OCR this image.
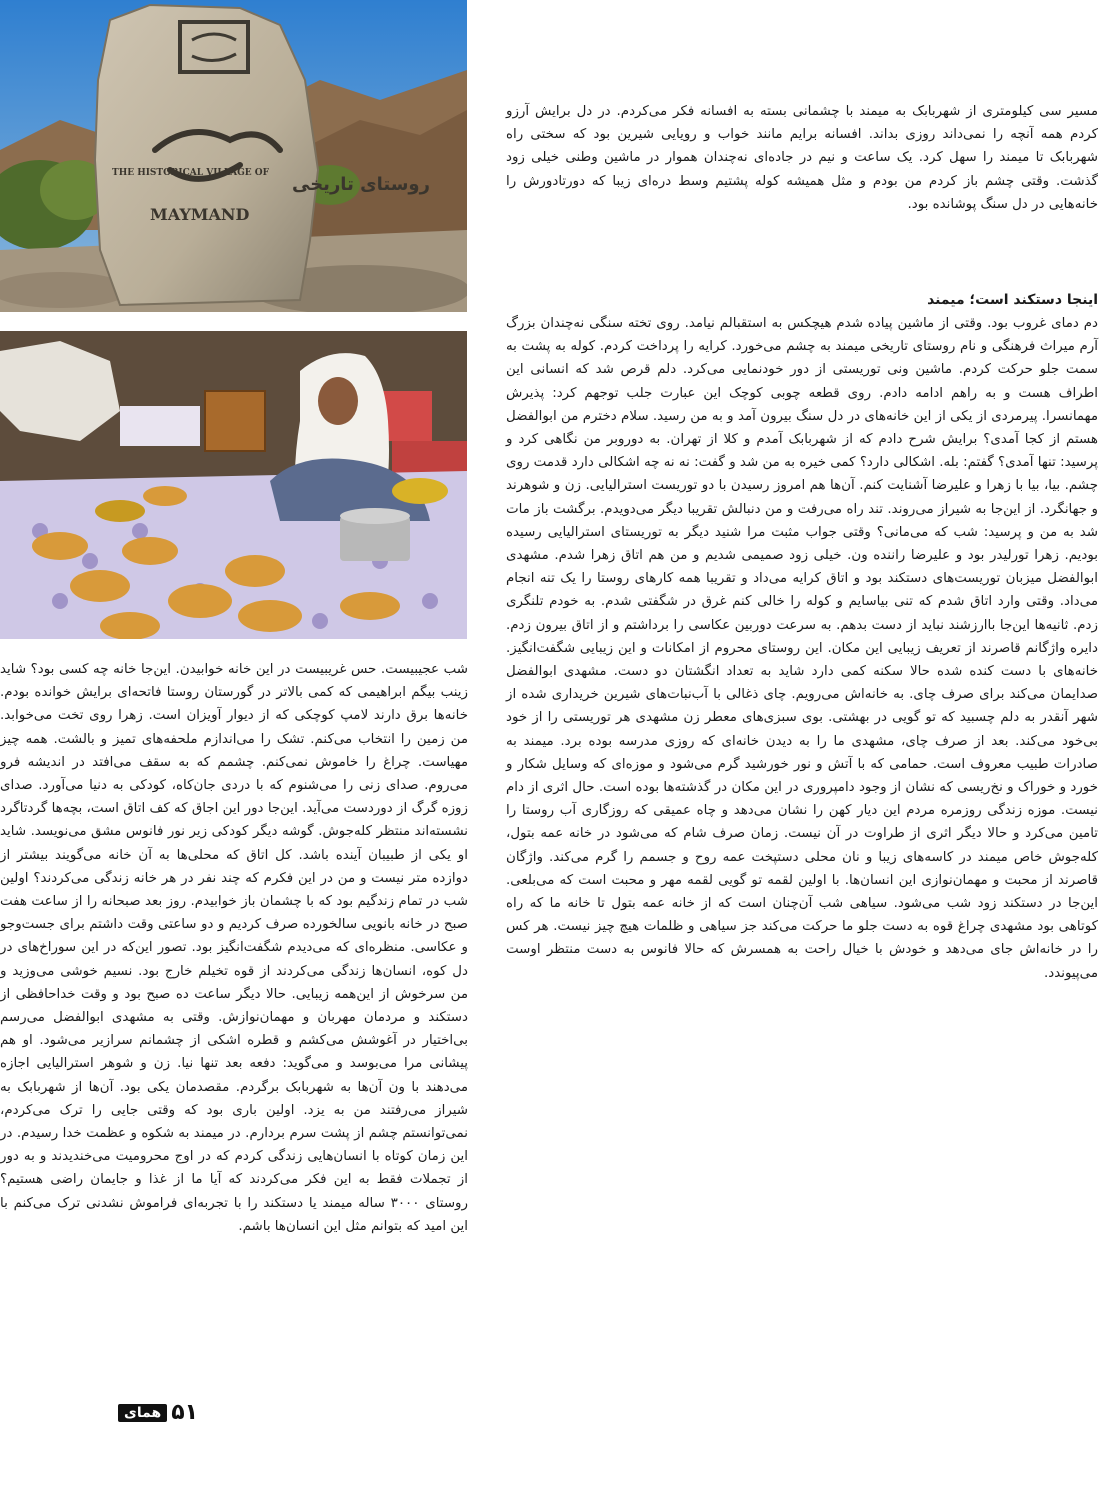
THE HISTORICAL VILLAGE OF
MAYMAND
روستای تاریخی

مسیر سی کیلومتری از شهربابک به میمند با چشمانی بسته به افسانه فکر می‌کردم. در دل برایش آرزو کردم همه آنچه را نمی‌داند روزی بداند. افسانه برایم مانند خواب و رویایی شیرین بود که سختی راه شهربابک تا میمند را سهل کرد. یک ساعت و نیم در جاده‌ای نه‌چندان هموار در ماشین وطنی خیلی زود گذشت. وقتی چشم باز کردم من بودم و مثل همیشه کوله پشتیم وسط دره‌ای زیبا که دورتادورش را خانه‌هایی در دل سنگ پوشانده بود.

اینجا دستکند است؛ میمند

دم دمای غروب بود. وقتی از ماشین پیاده شدم هیچکس به استقبالم نیامد. روی تخته سنگی نه‌چندان بزرگ آرم میراث فرهنگی و نام روستای تاریخی میمند به چشم می‌خورد. کرایه را پرداخت کردم. کوله به پشت به سمت جلو حرکت کردم. ماشین ونی توریستی از دور خودنمایی می‌کرد. دلم قرص شد که انسانی این اطراف هست و به راهم ادامه دادم. روی قطعه چوبی کوچک این عبارت جلب توجهم کرد: پذیرش مهمانسرا. پیرمردی از یکی از این خانه‌های در دل سنگ بیرون آمد و به من رسید. سلام دخترم من ابوالفضل هستم از کجا آمدی؟ برایش شرح دادم که از شهربابک آمدم و کلا از تهران. به دوروبر من نگاهی کرد و پرسید: تنها آمدی؟ گفتم: بله. اشکالی دارد؟ کمی خیره به من شد و گفت: نه نه چه اشکالی دارد قدمت روی چشم. بیا، بیا با زهرا و علیرضا آشنایت کنم. آن‌ها هم امروز رسیدن با دو توریست استرالیایی. زن و شوهرند و جهانگرد. از این‌جا به شیراز می‌روند. تند راه می‌رفت و من دنبالش تقریبا دیگر می‌دویدم. برگشت باز مات شد به من و پرسید: شب که می‌مانی؟ وقتی جواب مثبت مرا شنید دیگر به توریستای استرالیایی رسیده بودیم. زهرا تورلیدر بود و علیرضا راننده ون. خیلی زود صمیمی شدیم و من هم اتاق زهرا شدم. مشهدی ابوالفضل میزبان توریست‌های دستکند بود و اتاق کرایه می‌داد و تقریبا همه کارهای روستا را یک تنه انجام می‌داد. وقتی وارد اتاق شدم که تنی بیاسایم و کوله را خالی کنم غرق در شگفتی شدم. به خودم تلنگری زدم. ثانیه‌ها این‌جا باارزشند نباید از دست بدهم. به سرعت دوربین عکاسی را برداشتم و از اتاق بیرون زدم. دایره واژگانم قاصرند از تعریف زیبایی این مکان. این روستای محروم از امکانات و این زیبایی شگفت‌انگیز. خانه‌های با دست کنده شده حالا سکنه کمی دارد شاید به تعداد انگشتان دو دست. مشهدی ابوالفضل صدایمان می‌کند برای صرف چای. به خانه‌اش می‌رویم. چای ذغالی با آب‌نبات‌های شیرین خریداری شده از شهر آنقدر به دلم چسبید که تو گویی در بهشتی. بوی سبزی‌های معطر زن مشهدی هر توریستی را از خود بی‌خود می‌کند. بعد از صرف چای، مشهدی ما را به دیدن خانه‌ای که روزی مدرسه بوده برد. میمند به صادرات طبیب معروف است. حمامی که با آتش و نور خورشید گرم می‌شود و موزه‌ای که وسایل شکار و خورد و خوراک و نخ‌ریسی که نشان از وجود دامپروری در این مکان در گذشته‌ها بوده است. حال اثری از دام نیست. موزه زندگی روزمره مردم این دیار کهن را نشان می‌دهد و چاه عمیقی که روزگاری آب روستا را تامین می‌کرد و حالا دیگر اثری از طراوت در آن نیست. زمان صرف شام که می‌شود در خانه عمه بتول، کله‌جوش خاص میمند در کاسه‌های زیبا و نان محلی دستپخت عمه روح و جسمم را گرم می‌کند. واژگان قاصرند از محبت و مهمان‌نوازی این انسان‌ها. با اولین لقمه تو گویی لقمه مهر و محبت است که می‌بلعی. این‌جا در دستکند زود شب می‌شود. سیاهی شب آن‌چنان است که از خانه عمه بتول تا خانه ما که راه کوتاهی بود مشهدی چراغ قوه به دست جلو ما حرکت می‌کند جز سیاهی و ظلمات هیچ چیز نیست. هر کس را در خانه‌اش جای می‌دهد و خودش با خیال راحت به همسرش که حالا فانوس به دست منتظر اوست می‌پیوندد.

شب عجیبیست. حس غریبیست در این خانه خوابیدن. این‌جا خانه چه کسی بود؟ شاید زینب بیگم ابراهیمی که کمی بالاتر در گورستان روستا فاتحه‌ای برایش خوانده بودم. خانه‌ها برق دارند لامپ کوچکی که از دیوار آویزان است. زهرا روی تخت می‌خوابد. من زمین را انتخاب می‌کنم. تشک را می‌اندازم ملحفه‌های تمیز و بالشت. همه چیز مهیاست. چراغ را خاموش نمی‌کنم. چشمم که به سقف می‌افتد در اندیشه فرو می‌روم. صدای زنی را می‌شنوم که با دردی جان‌کاه، کودکی به دنیا می‌آورد. صدای زوزه گرگ از دوردست می‌آید. این‌جا دور این اجاق که کف اتاق است، بچه‌ها گردتاگرد نشسته‌اند منتظر کله‌جوش. گوشه دیگر کودکی زیر نور فانوس مشق می‌نویسد. شاید او یکی از طبیبان آینده باشد. کل اتاق که محلی‌ها به آن خانه می‌گویند بیشتر از دوازده متر نیست و من در این فکرم که چند نفر در هر خانه زندگی می‌کردند؟ اولین شب در تمام زندگیم بود که با چشمان باز خوابیدم. روز بعد صبحانه را از ساعت هفت صبح در خانه بانویی سالخورده صرف کردیم و دو ساعتی وقت داشتم برای جست‌وجو و عکاسی. منظره‌ای که می‌دیدم شگفت‌انگیز بود. تصور این‌که در این سوراخ‌های در دل کوه، انسان‌ها زندگی می‌کردند از قوه تخیلم خارج بود. نسیم خوشی می‌وزید و من سرخوش از این‌همه زیبایی. حالا دیگر ساعت ده صبح بود و وقت خداحافظی از دستکند و مردمان مهربان و مهمان‌نوازش. وقتی به مشهدی ابوالفضل می‌رسم بی‌اختیار در آغوشش می‌کشم و قطره اشکی از چشمانم سرازیر می‌شود. او هم پیشانی مرا می‌بوسد و می‌گوید: دفعه بعد تنها نیا. زن و شوهر استرالیایی اجازه می‌دهند با ون آن‌ها به شهربابک برگردم. مقصدمان یکی بود. آن‌ها از شهربابک به شیراز می‌رفتند من به یزد. اولین باری بود که وقتی جایی را ترک می‌کردم، نمی‌توانستم چشم از پشت سرم بردارم. در میمند به شکوه و عظمت خدا رسیدم. در این زمان کوتاه با انسان‌هایی زندگی کردم که در اوج محرومیت می‌خندیدند و به دور از تجملات فقط به این فکر می‌کردند که آیا ما از غذا و جایمان راضی هستیم؟ روستای ۳۰۰۰ ساله میمند یا دستکند را با تجربه‌ای فراموش نشدنی ترک می‌کنم با این امید که بتوانم مثل این انسان‌ها باشم.

همای ۵۱
